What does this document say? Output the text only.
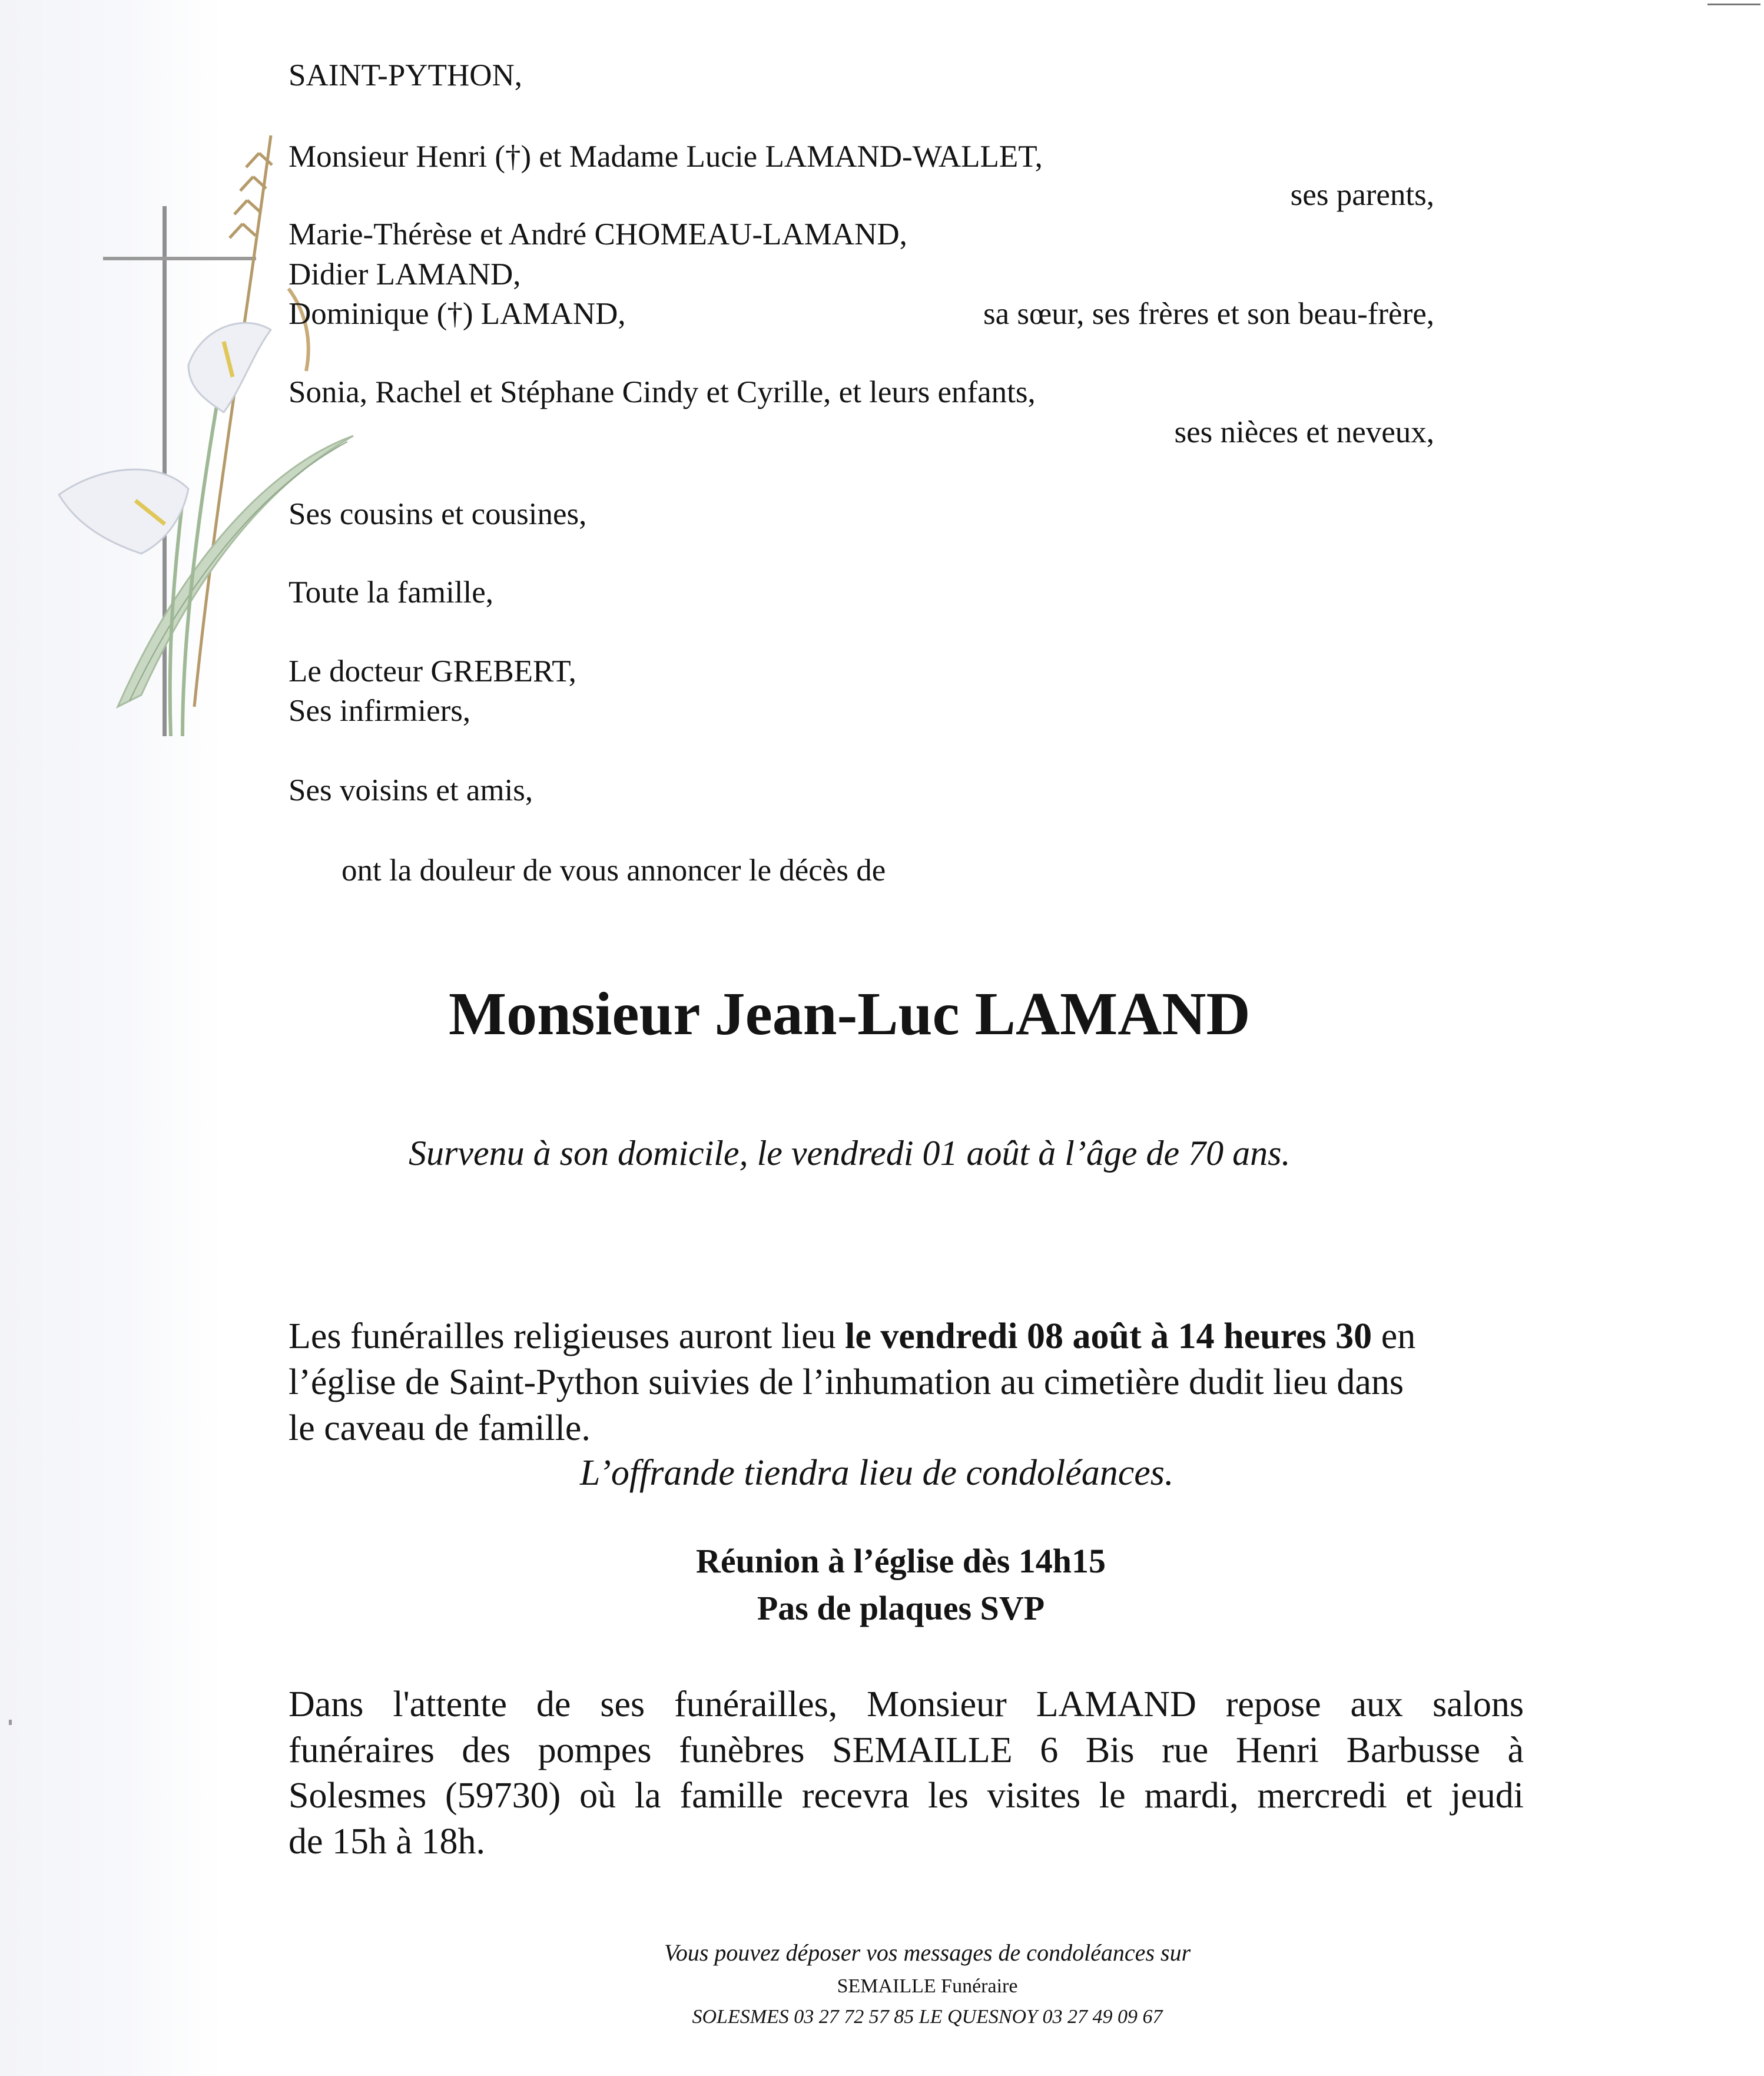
SAINT-PYTHON,
Monsieur Henri (†) et Madame Lucie LAMAND-WALLET,
ses parents,
Marie-Thérèse et André CHOMEAU-LAMAND,
Didier LAMAND,
Dominique (†) LAMAND,	sa sœur, ses frères et son beau-frère,
Sonia, Rachel et Stéphane Cindy et Cyrille, et leurs enfants,
ses nièces et neveux,
Ses cousins et cousines,
Toute la famille,
Le docteur GREBERT,
Ses infirmiers,
Ses voisins et amis,
ont la douleur de vous annoncer le décès de
Monsieur Jean-Luc LAMAND
Survenu à son domicile, le vendredi 01 août à l’âge de 70 ans.
Les funérailles religieuses auront lieu le vendredi 08 août à 14 heures 30 en
l’église de Saint-Python suivies de l’inhumation au cimetière dudit lieu dans
le caveau de famille.
L’offrande tiendra lieu de condoléances.
Réunion à l’église dès 14h15
Pas de plaques SVP
Dans l'attente de ses funérailles, Monsieur LAMAND repose aux salons
funéraires des pompes funèbres SEMAILLE 6 Bis rue Henri Barbusse à
Solesmes (59730) où la famille recevra les visites le mardi, mercredi et jeudi
de 15h à 18h.
Vous pouvez déposer vos messages de condoléances sur
SEMAILLE Funéraire
SOLESMES 03 27 72 57 85 LE QUESNOY 03 27 49 09 67
